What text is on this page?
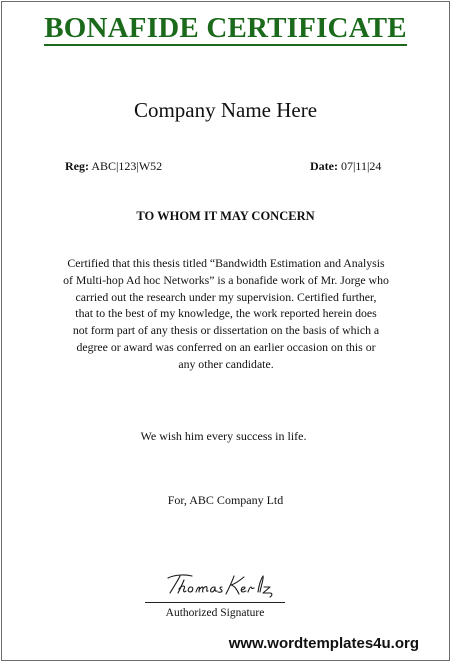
BONAFIDE CERTIFICATE
Company Name Here
Reg: ABC|123|W52	Date: 07|11|24
TO WHOM IT MAY CONCERN
Certified that this thesis titled “Bandwidth Estimation and Analysis
of Multi-hop Ad hoc Networks” is a bonafide work of Mr. Jorge who
carried out the research under my supervision. Certified further,
that to the best of my knowledge, the work reported herein does
not form part of any thesis or dissertation on the basis of which a
degree or award was conferred on an earlier occasion on this or
any other candidate.
We wish him every success in life.
For, ABC Company Ltd
Authorized Signature
www.wordtemplates4u.org
